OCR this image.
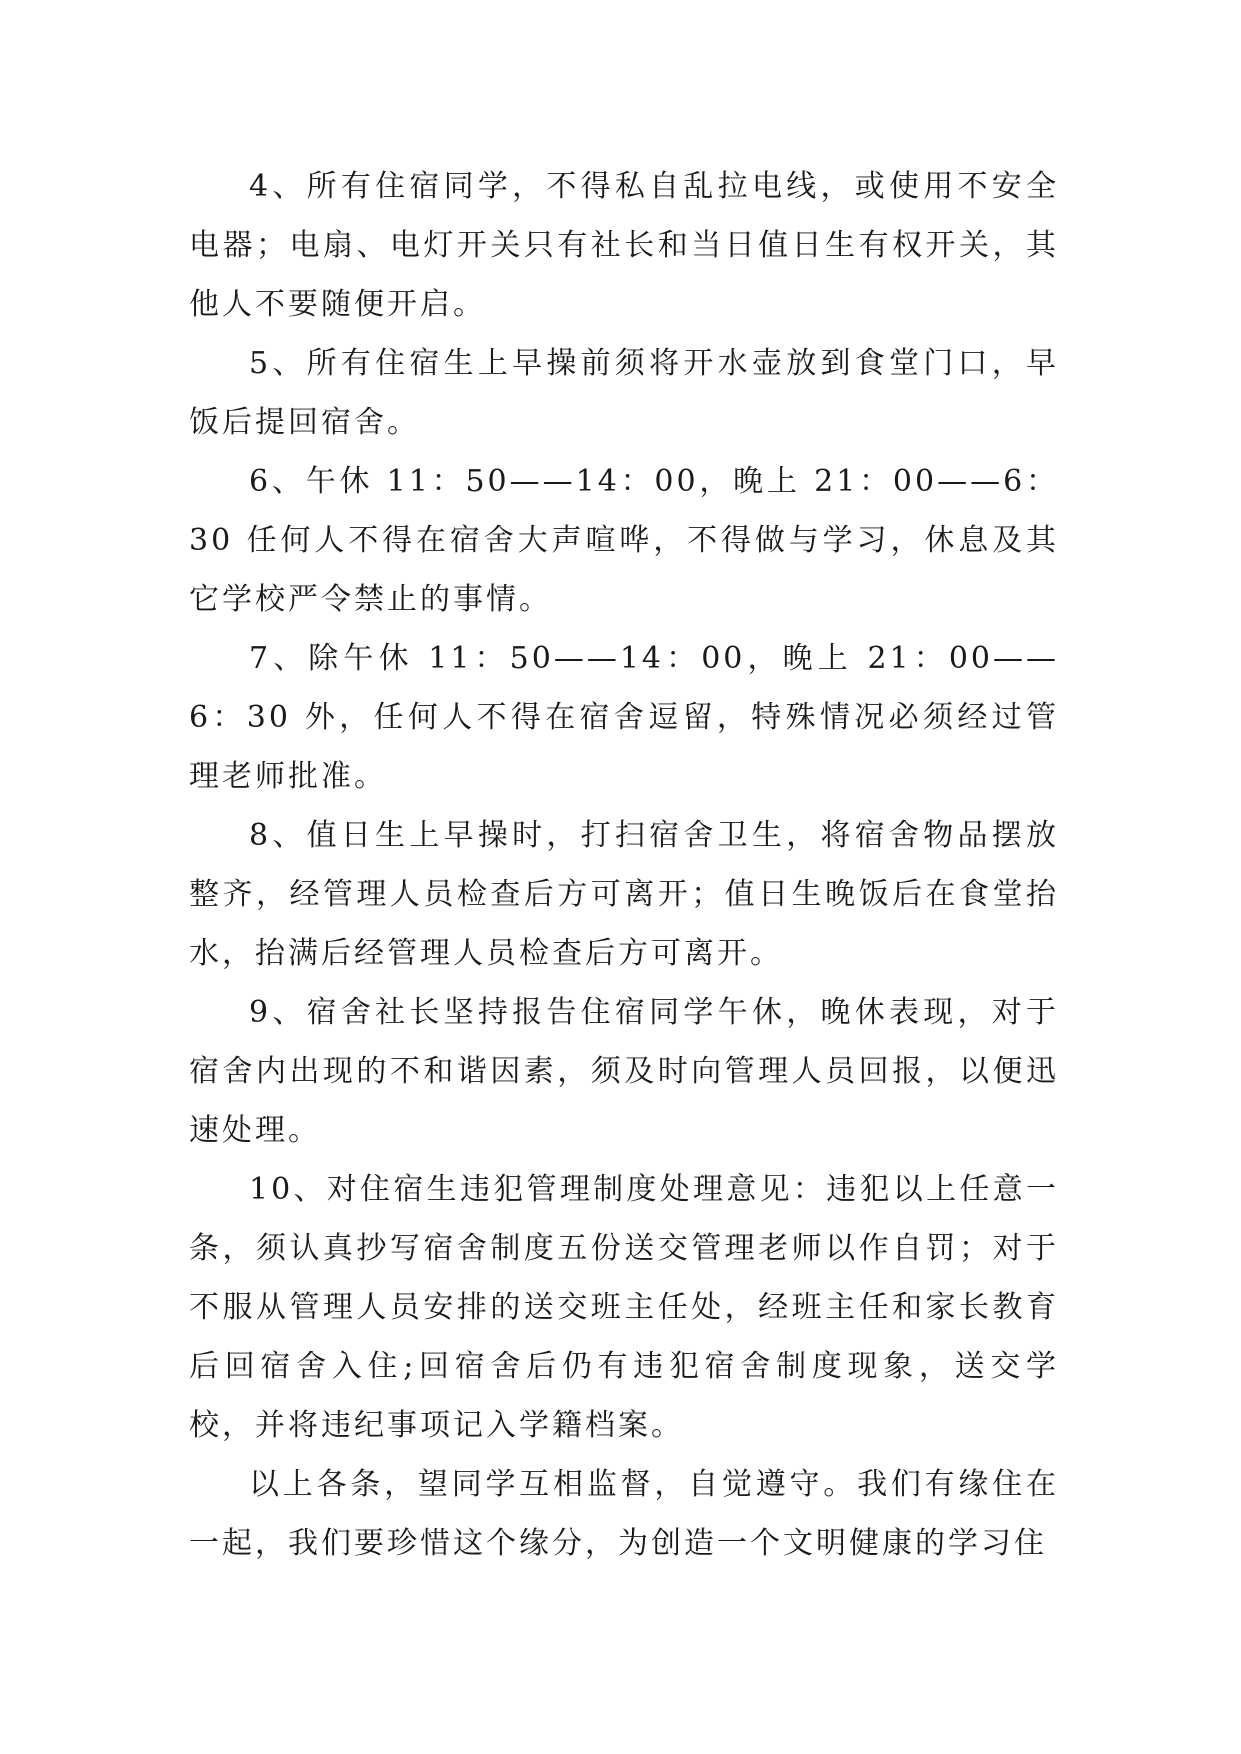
4、所有住宿同学，不得私自乱拉电线，或使用不安全电器；电扇、电灯开关只有社长和当日值日生有权开关，其他人不要随便开启。

5、所有住宿生上早操前须将开水壶放到食堂门口，早饭后提回宿舍。

6、午休 11：50——14：00，晚上 21：00——6：30 任何人不得在宿舍大声喧哗，不得做与学习，休息及其它学校严令禁止的事情。

7、除午休 11：50——14：00，晚上 21：00——6：30 外，任何人不得在宿舍逗留，特殊情况必须经过管理老师批准。

8、值日生上早操时，打扫宿舍卫生，将宿舍物品摆放整齐，经管理人员检查后方可离开；值日生晚饭后在食堂抬水，抬满后经管理人员检查后方可离开。

9、宿舍社长坚持报告住宿同学午休，晚休表现，对于宿舍内出现的不和谐因素，须及时向管理人员回报，以便迅速处理。

10、对住宿生违犯管理制度处理意见：违犯以上任意一条，须认真抄写宿舍制度五份送交管理老师以作自罚；对于不服从管理人员安排的送交班主任处，经班主任和家长教育后回宿舍入住;回宿舍后仍有违犯宿舍制度现象，送交学校，并将违纪事项记入学籍档案。

以上各条，望同学互相监督，自觉遵守。我们有缘住在一起，我们要珍惜这个缘分，为创造一个文明健康的学习住
